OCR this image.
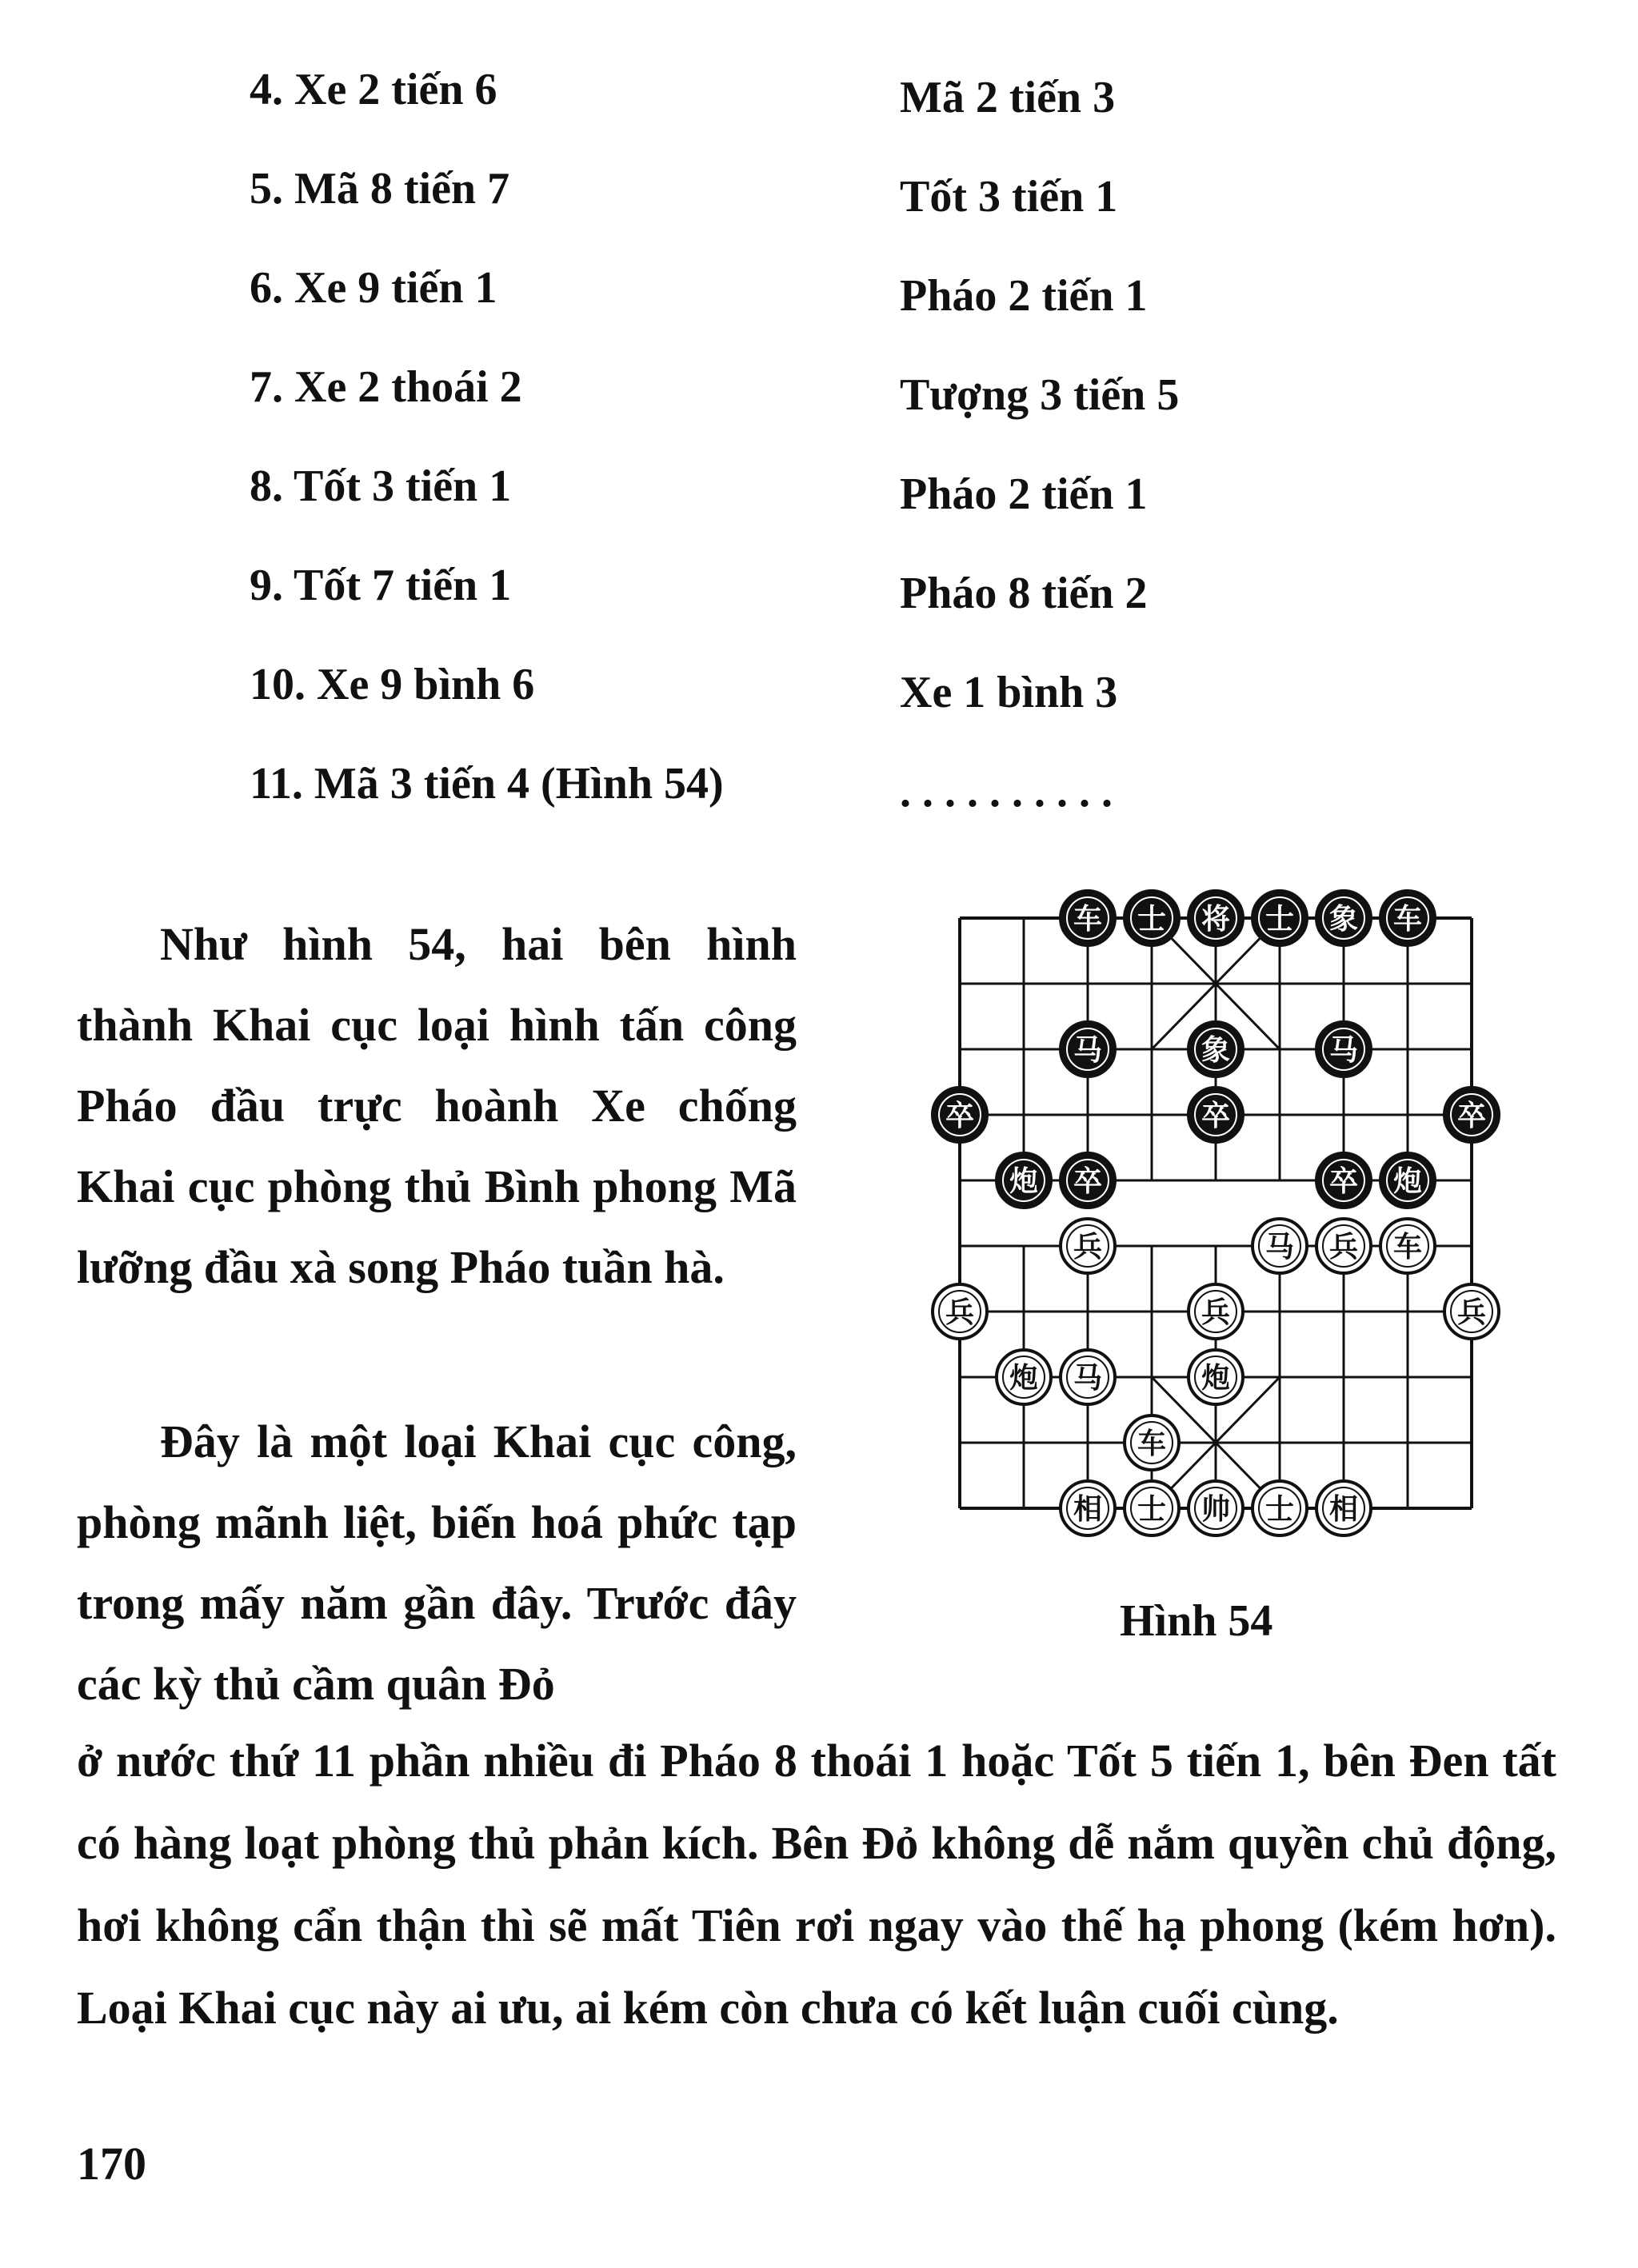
4. Xe 2 tiến 6	Mã 2 tiến 3
5. Mã 8 tiến 7	Tốt 3 tiến 1
6. Xe 9 tiến 1	Pháo 2 tiến 1
7. Xe 2 thoái 2	Tượng 3 tiến 5
8. Tốt 3 tiến 1	Pháo 2 tiến 1
9. Tốt 7 tiến 1	Pháo 8 tiến 2
10. Xe 9 bình 6	Xe 1 bình 3
11. Mã 3 tiến 4 (Hình 54)	. . . . . . . . . .

Như hình 54, hai bên hình thành Khai cục loại hình tấn công Pháo đầu trực hoành Xe chống Khai cục phòng thủ Bình phong Mã lưỡng đầu xà song Pháo tuần hà.

Đây là một loại Khai cục công, phòng mãnh liệt, biến hoá phức tạp trong mấy năm gần đây. Trước đây các kỳ thủ cầm quân Đỏ

ở nước thứ 11 phần nhiều đi Pháo 8 thoái 1 hoặc Tốt 5 tiến 1, bên Đen tất có hàng loạt phòng thủ phản kích. Bên Đỏ không dễ nắm quyền chủ động, hơi không cẩn thận thì sẽ mất Tiên rơi ngay vào thế hạ phong (kém hơn). Loại Khai cục này ai ưu, ai kém còn chưa có kết luận cuối cùng.

车 士 将 士 象 车
马	象	马
卒	卒	卒
炮 卒	卒 炮
兵	马 兵 车
兵	兵	兵
炮 马	炮
车
相 士 帅 士 相
Hình 54
170
